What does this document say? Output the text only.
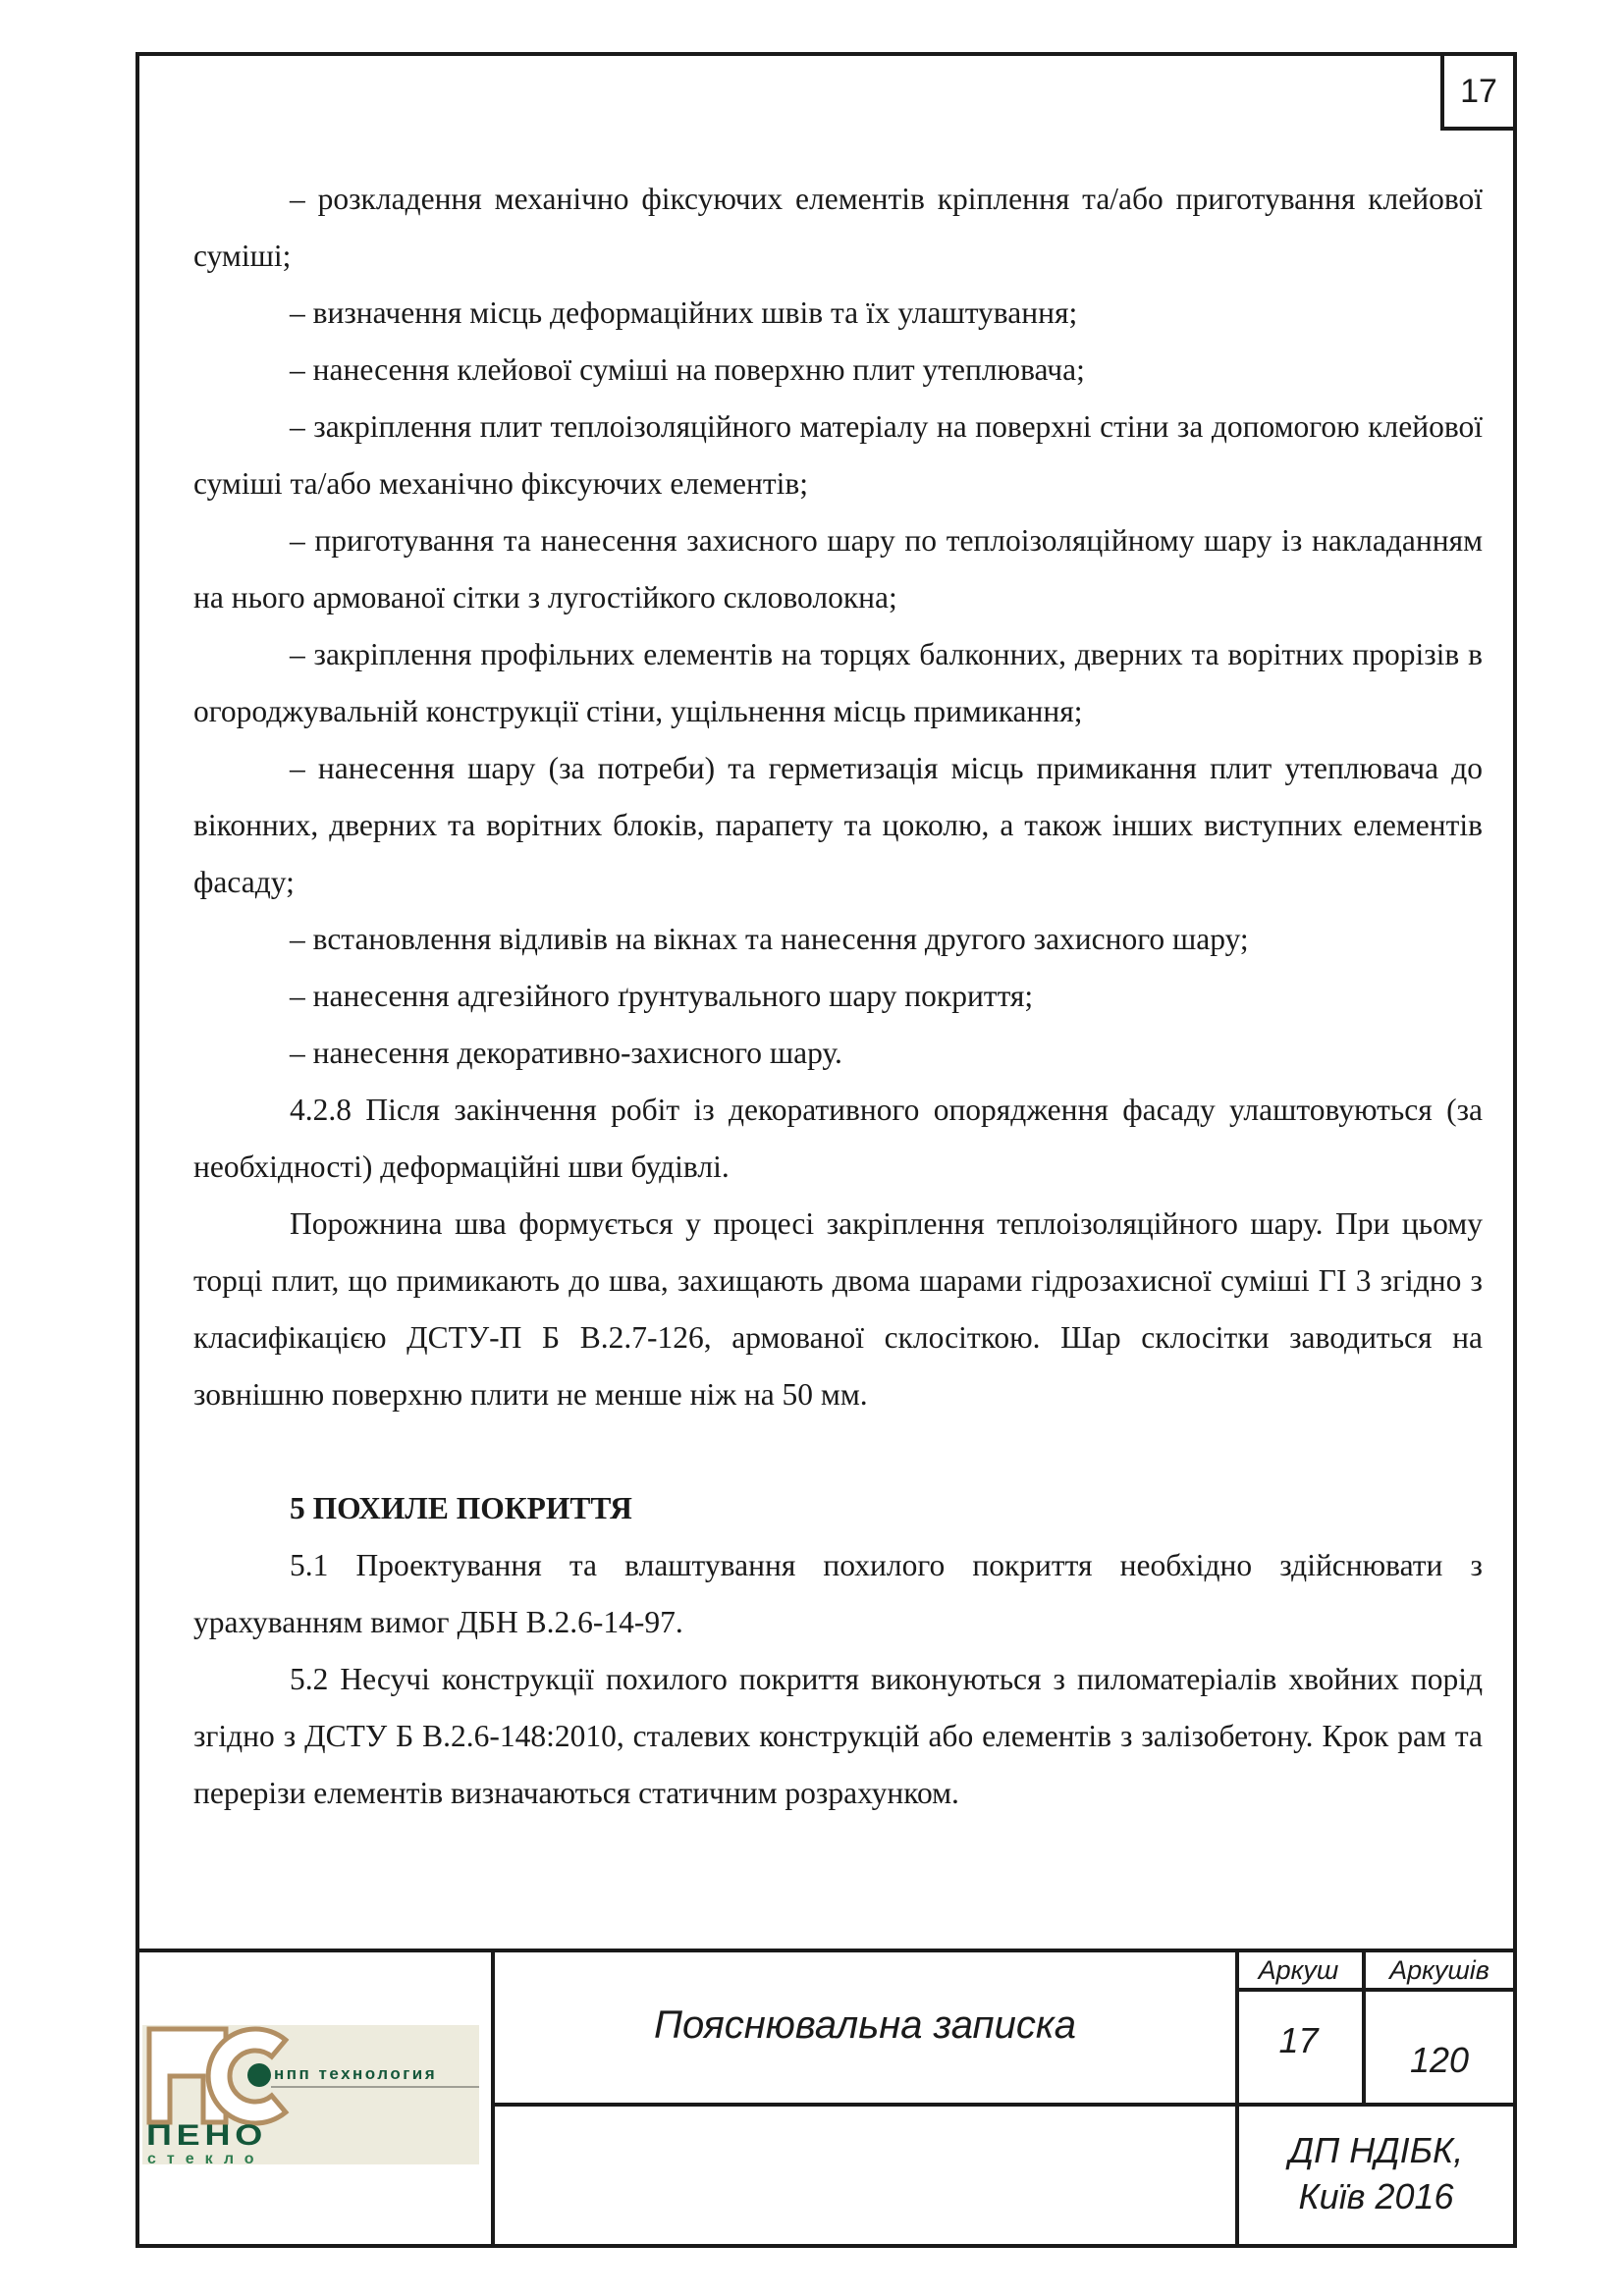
17

– розкладення механічно фіксуючих елементів кріплення та/або приготування клейової суміші;

– визначення місць деформаційних швів та їх улаштування;

– нанесення клейової суміші на поверхню плит утеплювача;

– закріплення плит теплоізоляційного матеріалу на поверхні стіни за допомогою клейової суміші та/або механічно фіксуючих елементів;

– приготування та нанесення захисного шару по теплоізоляційному шару із накладанням на нього армованої сітки з лугостійкого скловолокна;

– закріплення профільних елементів на торцях балконних, дверних та ворітних прорізів в огороджувальній конструкції стіни, ущільнення місць примикання;

– нанесення шару (за потреби) та герметизація місць примикання плит утеплювача до віконних, дверних та ворітних блоків, парапету та цоколю, а також інших виступних елементів фасаду;

– встановлення відливів на вікнах та нанесення другого захисного шару;

– нанесення адгезійного ґрунтувального шару покриття;

– нанесення декоративно-захисного шару.

4.2.8 Після закінчення робіт із декоративного опорядження фасаду улаштовуються (за необхідності) деформаційні шви будівлі.

Порожнина шва формується у процесі закріплення теплоізоляційного шару. При цьому торці плит, що примикають до шва, захищають двома шарами гідрозахисної суміші ГІ 3 згідно з класифікацією ДСТУ-П Б В.2.7-126, армованої склосіткою. Шар склосітки заводиться на зовнішню поверхню плити не менше ніж на 50 мм.

5 ПОХИЛЕ ПОКРИТТЯ

5.1 Проектування та влаштування похилого покриття необхідно здійснювати з урахуванням вимог ДБН В.2.6-14-97.

5.2 Несучі конструкції похилого покриття виконуються з пиломатеріалів хвойних порід згідно з ДСТУ Б В.2.6-148:2010, сталевих конструкцій або елементів з залізобетону. Крок рам та перерізи елементів визначаються статичним розрахунком.

Пояснювальна записка
Аркуш Аркушів
17	120
ДП НДІБК,
Київ 2016
нпп технология
ПЕНО
стекло
